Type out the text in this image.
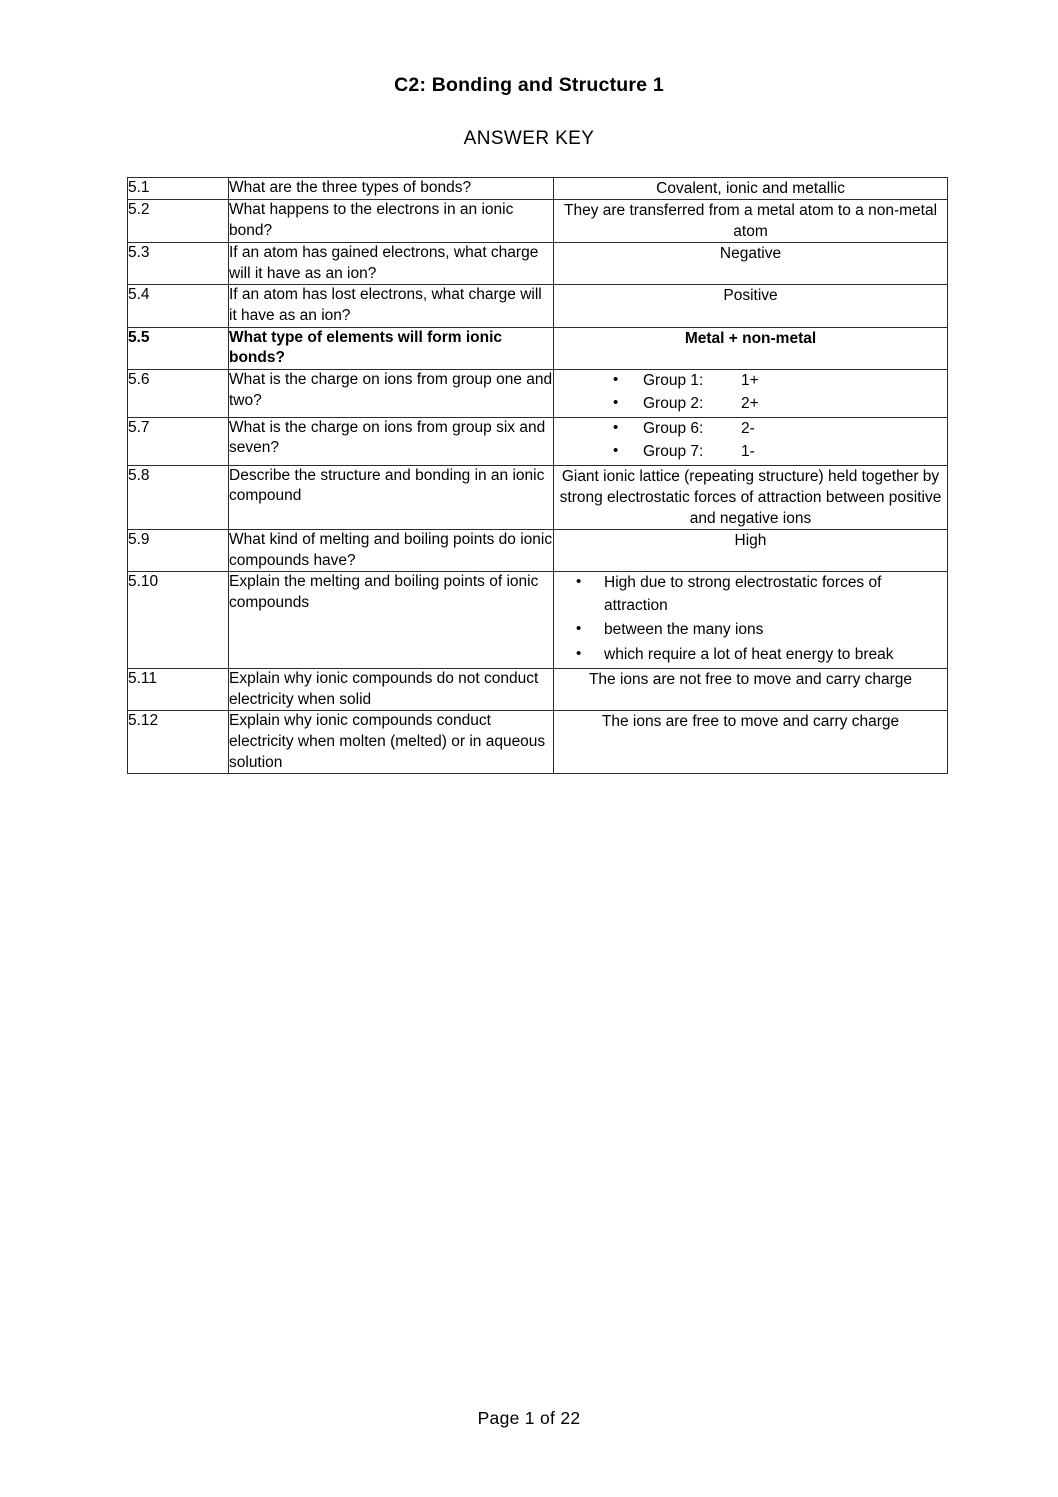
C2: Bonding and Structure 1
ANSWER KEY
5.1	What are the three types of bonds?	Covalent, ionic and metallic
5.2	What happens to the electrons in an ionic bond?	They are transferred from a metal atom to a non-metal atom
5.3	If an atom has gained electrons, what charge will it have as an ion?	Negative
5.4	If an atom has lost electrons, what charge will it have as an ion?	Positive
5.5	What type of elements will form ionic bonds?	Metal + non-metal
5.6	What is the charge on ions from group one and two?	
• Group 1: 1+
• Group 2: 2+

5.7	What is the charge on ions from group six and seven?	
• Group 6: 2-
• Group 7: 1-

5.8	Describe the structure and bonding in an ionic compound	Giant ionic lattice (repeating structure) held together by strong electrostatic forces of attraction between positive and negative ions
5.9	What kind of melting and boiling points do ionic compounds have?	High
5.10	Explain the melting and boiling points of ionic compounds	
• High due to strong electrostatic forces of attraction
• between the many ions
• which require a lot of heat energy to break

5.11	Explain why ionic compounds do not conduct electricity when solid	The ions are not free to move and carry charge
5.12	Explain why ionic compounds conduct electricity when molten (melted) or in aqueous solution	The ions are free to move and carry charge
Page 1 of 22
